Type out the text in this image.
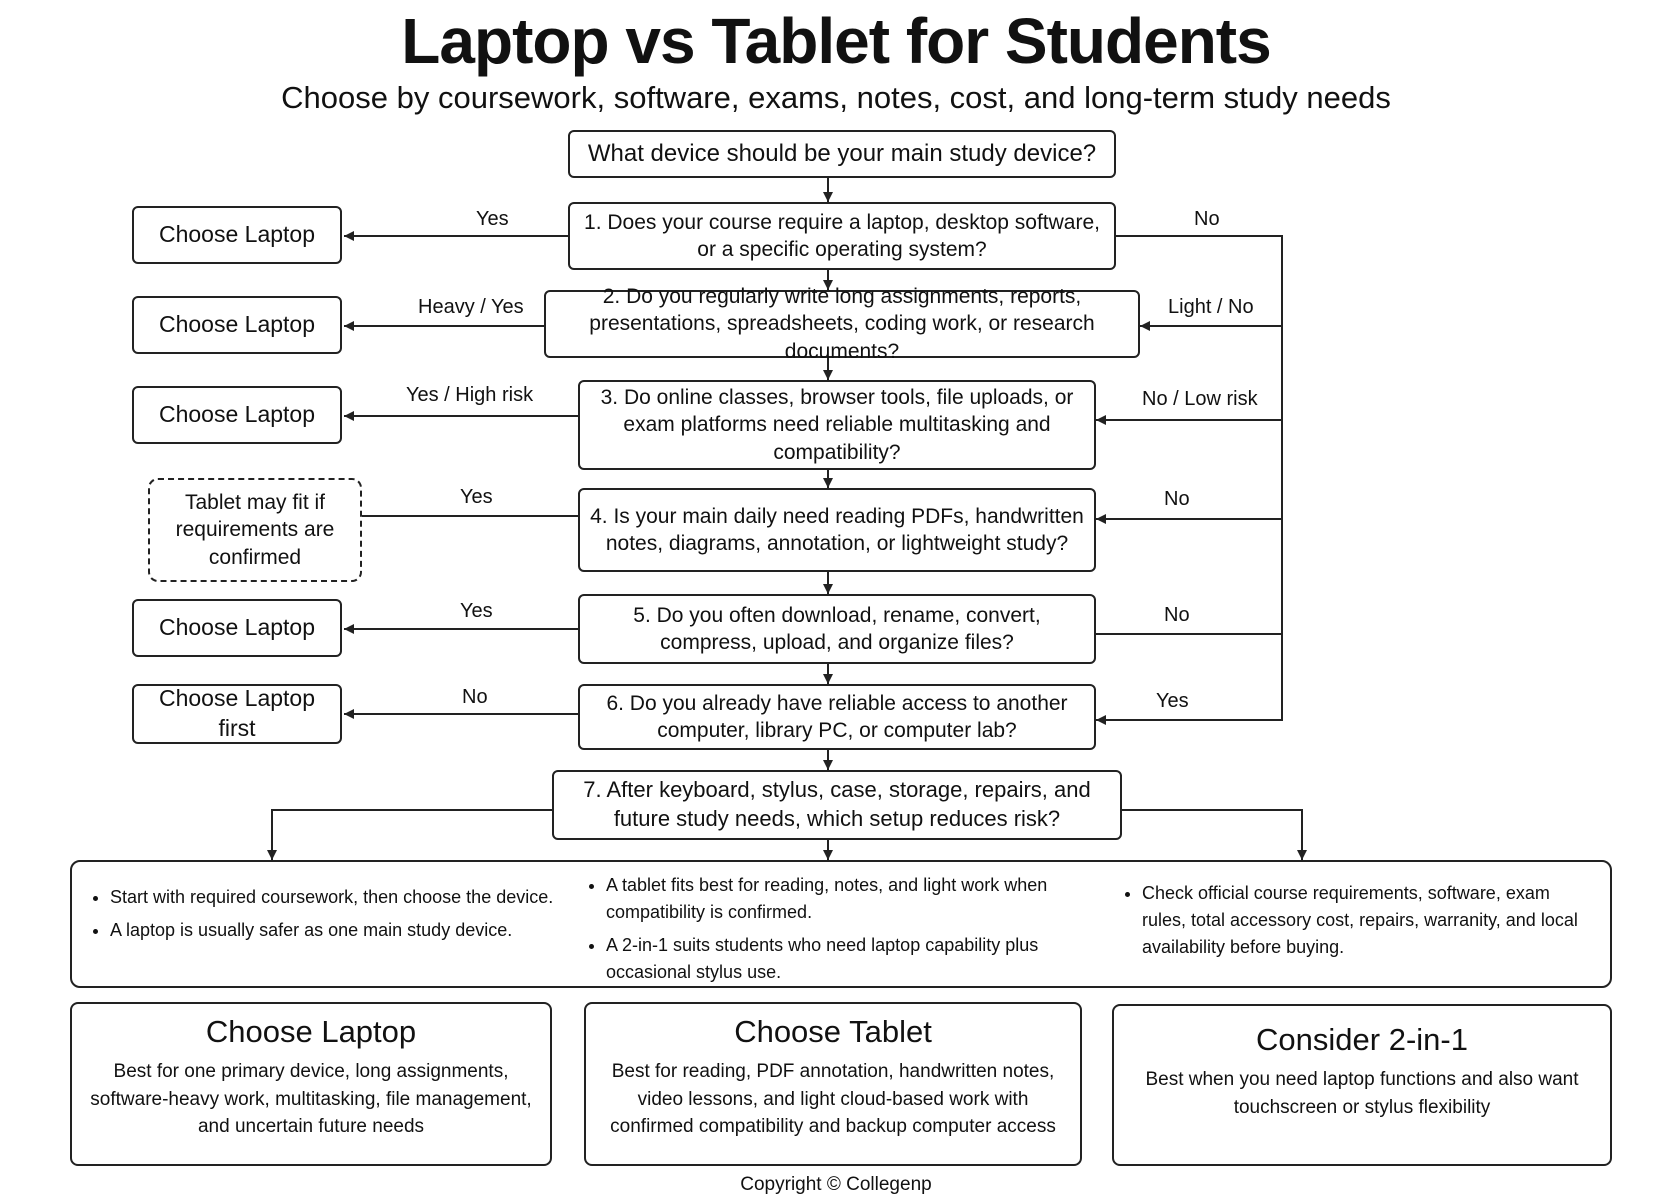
Laptop vs Tablet for Students
Choose by coursework, software, exams, notes, cost, and long-term study needs
What device should be your main study device?
1. Does your course require a laptop, desktop software, or a specific operating system?
2. Do you regularly write long assignments, reports, presentations, spreadsheets, coding work, or research documents?
3. Do online classes, browser tools, file uploads, or exam platforms need reliable multitasking and compatibility?
4. Is your main daily need reading PDFs, handwritten notes, diagrams, annotation, or lightweight study?
5. Do you often download, rename, convert, compress, upload, and organize files?
6. Do you already have reliable access to another computer, library PC, or computer lab?
7. After keyboard, stylus, case, storage, repairs, and future study needs, which setup reduces risk?
Choose Laptop
Choose Laptop
Choose Laptop
Tablet may fit if requirements are confirmed
Choose Laptop
Choose Laptop first
Yes	No
Heavy / Yes	Light / No
Yes / High risk	No / Low risk
Yes	No
Yes	No
No	Yes
• Start with required coursework, then choose the device.
• A laptop is usually safer as one main study device.
• A tablet fits best for reading, notes, and light work when compatibility is confirmed.
• A 2-in-1 suits students who need laptop capability plus occasional stylus use.
• Check official course requirements, software, exam rules, total accessory cost, repairs, warranity, and local availability before buying.
Choose Laptop

Best for one primary device, long assignments, software-heavy work, multitasking, file management, and uncertain future needs

Choose Tablet

Best for reading, PDF annotation, handwritten notes, video lessons, and light cloud-based work with confirmed compatibility and backup computer access

Consider 2-in-1

Best when you need laptop functions and also want touchscreen or stylus flexibility

Copyright © Collegenp
